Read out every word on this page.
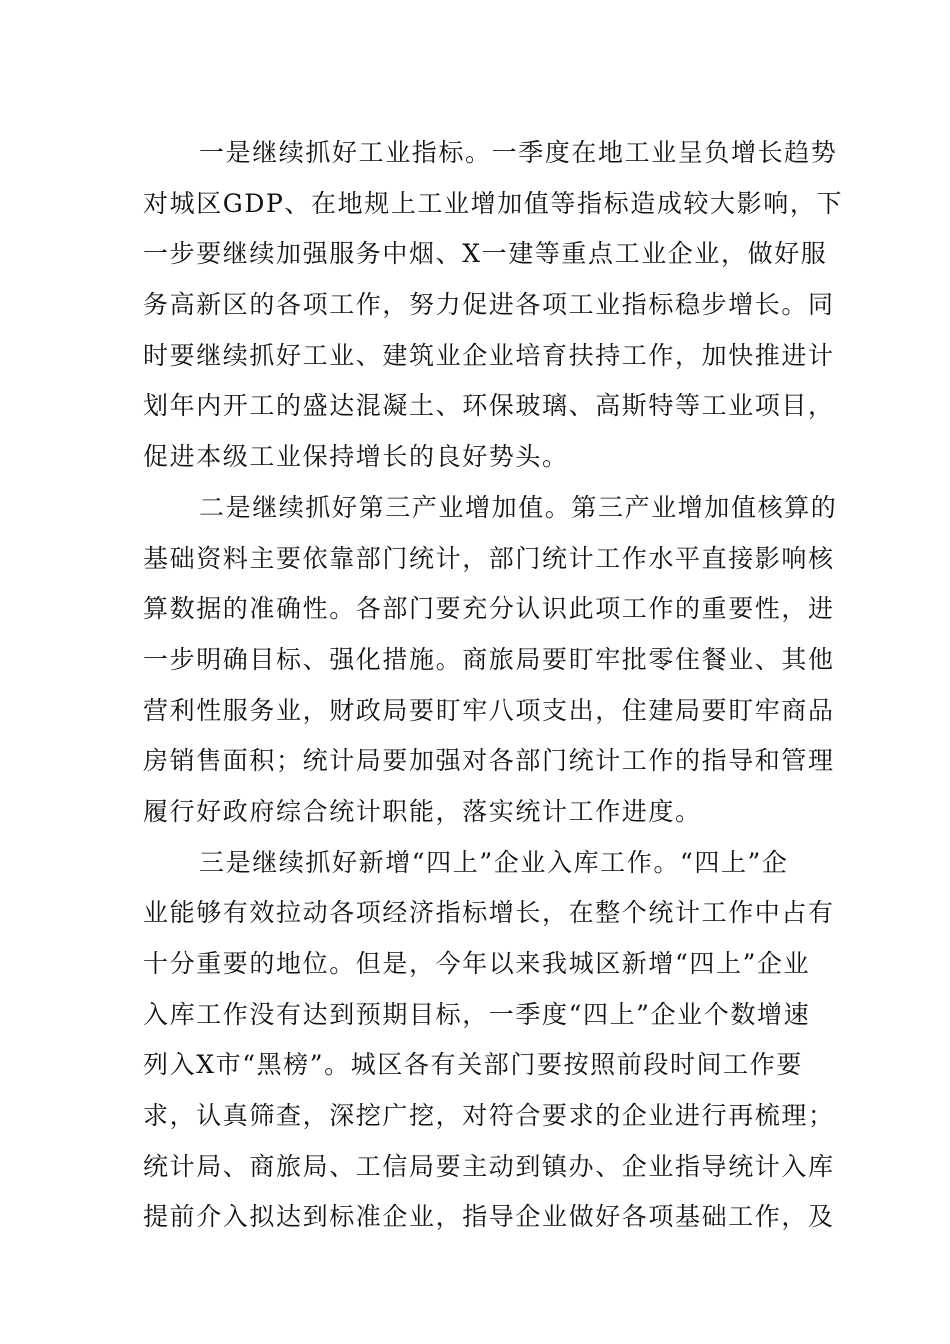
一是继续抓好工业指标。一季度在地工业呈负增长趋势
对城区GDP、在地规上工业增加值等指标造成较大影响，下
一步要继续加强服务中烟、X一建等重点工业企业，做好服
务高新区的各项工作，努力促进各项工业指标稳步增长。同
时要继续抓好工业、建筑业企业培育扶持工作，加快推进计
划年内开工的盛达混凝土、环保玻璃、高斯特等工业项目，
促进本级工业保持增长的良好势头。
二是继续抓好第三产业增加值。第三产业增加值核算的
基础资料主要依靠部门统计，部门统计工作水平直接影响核
算数据的准确性。各部门要充分认识此项工作的重要性，进
一步明确目标、强化措施。商旅局要盯牢批零住餐业、其他
营利性服务业，财政局要盯牢八项支出，住建局要盯牢商品
房销售面积；统计局要加强对各部门统计工作的指导和管理
履行好政府综合统计职能，落实统计工作进度。
三是继续抓好新增“四上”企业入库工作。“四上”企
业能够有效拉动各项经济指标增长，在整个统计工作中占有
十分重要的地位。但是，今年以来我城区新增“四上”企业
入库工作没有达到预期目标，一季度“四上”企业个数增速
列入X市“黑榜”。城区各有关部门要按照前段时间工作要
求，认真筛查，深挖广挖，对符合要求的企业进行再梳理；
统计局、商旅局、工信局要主动到镇办、企业指导统计入库
提前介入拟达到标准企业，指导企业做好各项基础工作，及
